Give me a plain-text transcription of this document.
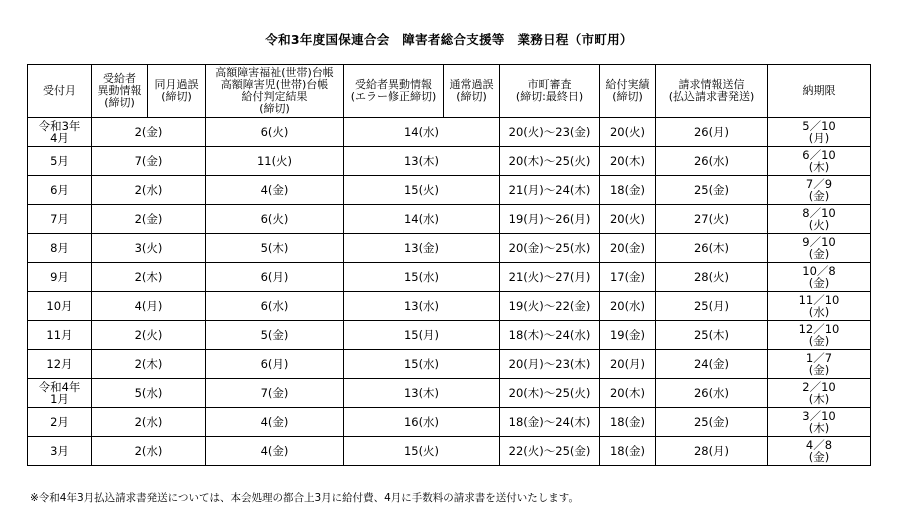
令和3年度国保連合会　障害者総合支援等　業務日程（市町用）
受付月	受給者
異動情報
(締切)	同月過誤
(締切)	高額障害福祉(世帯)台帳
高額障害児(世帯)台帳
給付判定結果
(締切)	受給者異動情報
(エラー修正締切)	通常過誤
(締切)	市町審査
(締切:最終日)	給付実績
(締切)	請求情報送信
(払込請求書発送)	納期限
令和3年
4月	2(金)		6(火)	14(水)		20(火)～23(金)	20(火)	26(月)	5／10
(月)
5月	7(金)		11(火)	13(木)		20(木)～25(火)	20(木)	26(水)	6／10
(木)
6月	2(水)		4(金)	15(火)		21(月)～24(木)	18(金)	25(金)	7／9
(金)
7月	2(金)		6(火)	14(水)		19(月)～26(月)	20(火)	27(火)	8／10
(火)
8月	3(火)		5(木)	13(金)		20(金)～25(水)	20(金)	26(木)	9／10
(金)
9月	2(木)		6(月)	15(水)		21(火)～27(月)	17(金)	28(火)	10／8
(金)
10月	4(月)		6(水)	13(水)		19(火)～22(金)	20(水)	25(月)	11／10
(水)
11月	2(火)		5(金)	15(月)		18(木)～24(水)	19(金)	25(木)	12／10
(金)
12月	2(木)		6(月)	15(水)		20(月)～23(木)	20(月)	24(金)	1／7
(金)
令和4年
1月	5(水)		7(金)	13(木)		20(木)～25(火)	20(木)	26(水)	2／10
(木)
2月	2(水)		4(金)	16(水)		18(金)～24(木)	18(金)	25(金)	3／10
(木)
3月	2(水)		4(金)	15(火)		22(火)～25(金)	18(金)	28(月)	4／8
(金)
※令和4年3月払込請求書発送については、本会処理の都合上3月に給付費、4月に手数料の請求書を送付いたします。
